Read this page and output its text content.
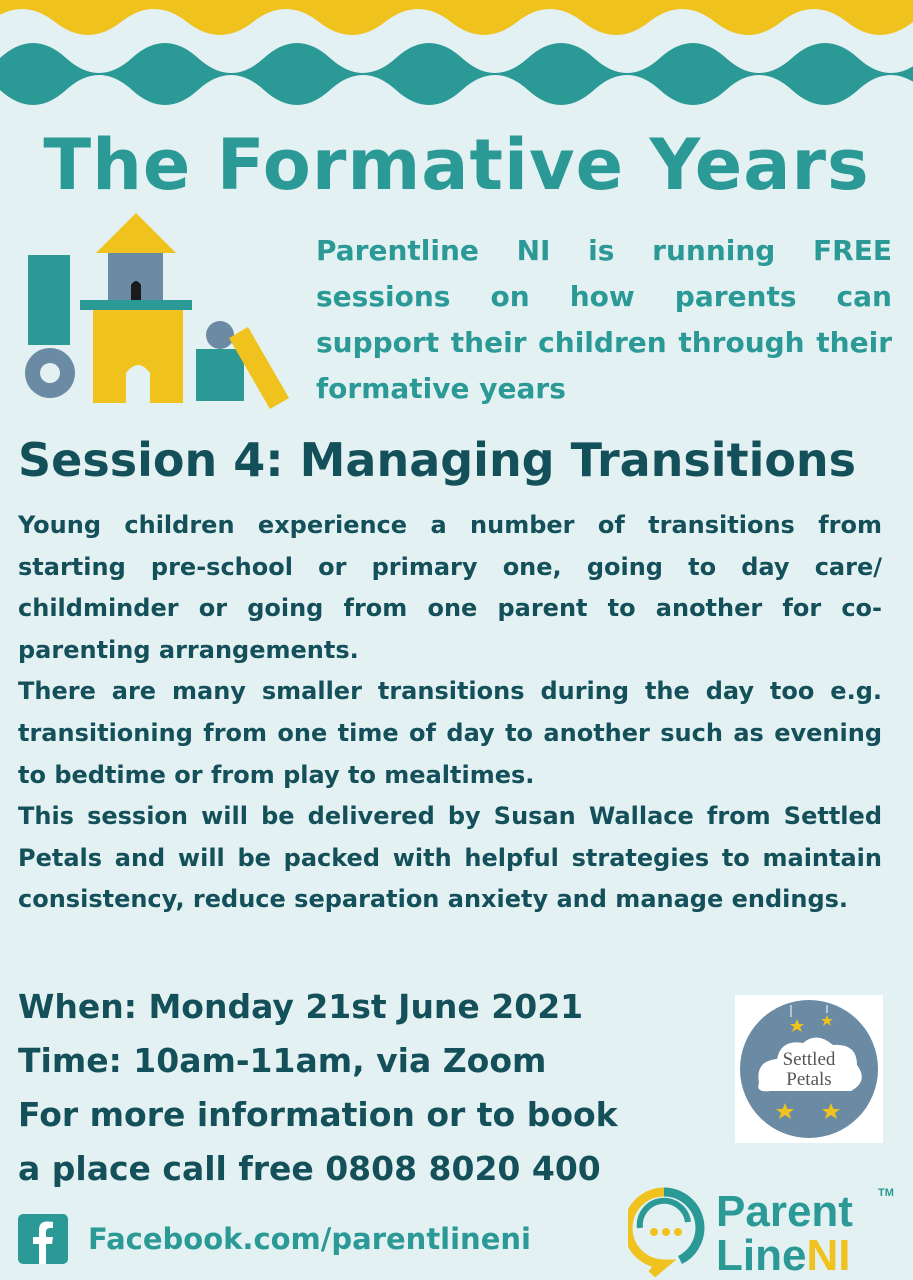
The Formative Years

Parentline NI is running FREE sessions on how parents can support their children through their formative years

Session 4: Managing Transitions

Young children experience a number of transitions from starting pre-school or primary one, going to day care/ childminder or going from one parent to another for co-parenting arrangements.

There are many smaller transitions during the day too e.g. transitioning from one time of day to another such as evening to bedtime or from play to mealtimes.

This session will be delivered by Susan Wallace from Settled Petals and will be packed with helpful strategies to maintain consistency, reduce separation anxiety and manage endings.

When: Monday 21st June 2021
Time: 10am-11am, via Zoom
For more information or to book
a place call free 0808 8020 400
Settled
Petals
Facebook.com/parentlineni
Parent TM
LineNI
